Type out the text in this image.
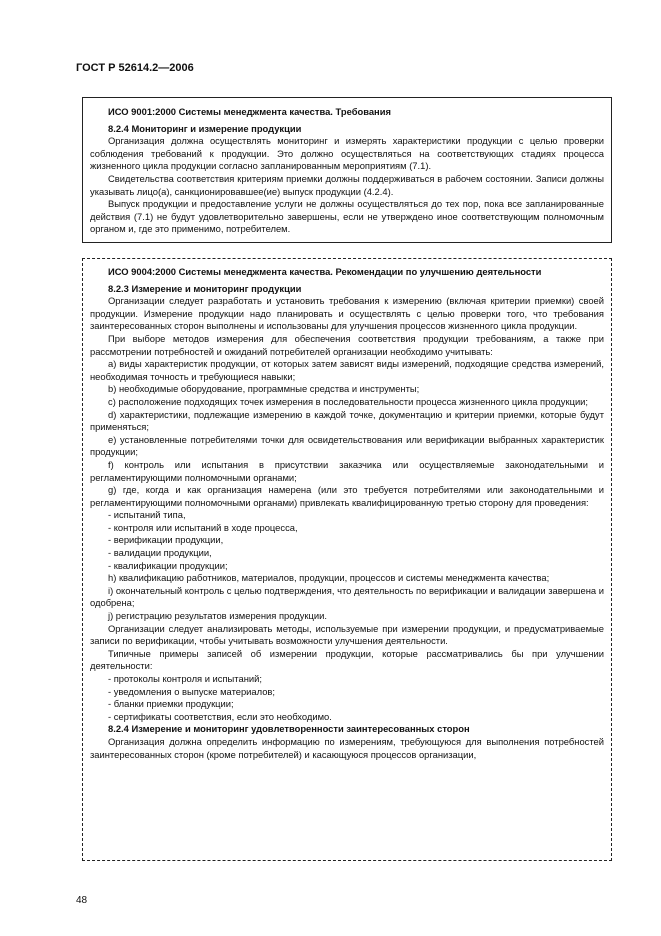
ГОСТ Р 52614.2—2006

ИСО 9001:2000 Системы менеджмента качества. Требования

8.2.4 Мониторинг и измерение продукции

Организация должна осуществлять мониторинг и измерять характеристики продукции с целью проверки соблюдения требований к продукции. Это должно осуществляться на соответствующих стадиях процесса жизненного цикла продукции согласно запланированным мероприятиям (7.1).

Свидетельства соответствия критериям приемки должны поддерживаться в рабочем состоянии. Записи должны указывать лицо(а), санкционировавшее(ие) выпуск продукции (4.2.4).

Выпуск продукции и предоставление услуги не должны осуществляться до тех пор, пока все запланированные действия (7.1) не будут удовлетворительно завершены, если не утверждено иное соответствующим полномочным органом и, где это применимо, потребителем.

ИСО 9004:2000 Системы менеджмента качества. Рекомендации по улучшению деятельности

8.2.3 Измерение и мониторинг продукции

Организации следует разработать и установить требования к измерению (включая критерии приемки) своей продукции. Измерение продукции надо планировать и осуществлять с целью проверки того, что требования заинтересованных сторон выполнены и использованы для улучшения процессов жизненного цикла продукции.

При выборе методов измерения для обеспечения соответствия продукции требованиям, а также при рассмотрении потребностей и ожиданий потребителей организации необходимо учитывать:

a) виды характеристик продукции, от которых затем зависят виды измерений, подходящие средства измерений, необходимая точность и требующиеся навыки;

b) необходимые оборудование, программные средства и инструменты;

c) расположение подходящих точек измерения в последовательности процесса жизненного цикла продукции;

d) характеристики, подлежащие измерению в каждой точке, документацию и критерии приемки, которые будут применяться;

e) установленные потребителями точки для освидетельствования или верификации выбранных характеристик продукции;

f) контроль или испытания в присутствии заказчика или осуществляемые законодательными и регламентирующими полномочными органами;

g) где, когда и как организация намерена (или это требуется потребителями или законодательными и регламентирующими полномочными органами) привлекать квалифицированную третью сторону для проведения:

- испытаний типа,

- контроля или испытаний в ходе процесса,

- верификации продукции,

- валидации продукции,

- квалификации продукции;

h) квалификацию работников, материалов, продукции, процессов и системы менеджмента качества;

i) окончательный контроль с целью подтверждения, что деятельность по верификации и валидации завершена и одобрена;

j) регистрацию результатов измерения продукции.

Организации следует анализировать методы, используемые при измерении продукции, и предусматриваемые записи по верификации, чтобы учитывать возможности улучшения деятельности.

Типичные примеры записей об измерении продукции, которые рассматривались бы при улучшении деятельности:

- протоколы контроля и испытаний;

- уведомления о выпуске материалов;

- бланки приемки продукции;

- сертификаты соответствия, если это необходимо.

8.2.4 Измерение и мониторинг удовлетворенности заинтересованных сторон

Организация должна определить информацию по измерениям, требующуюся для выполнения потребностей заинтересованных сторон (кроме потребителей) и касающуюся процессов организации,

48
